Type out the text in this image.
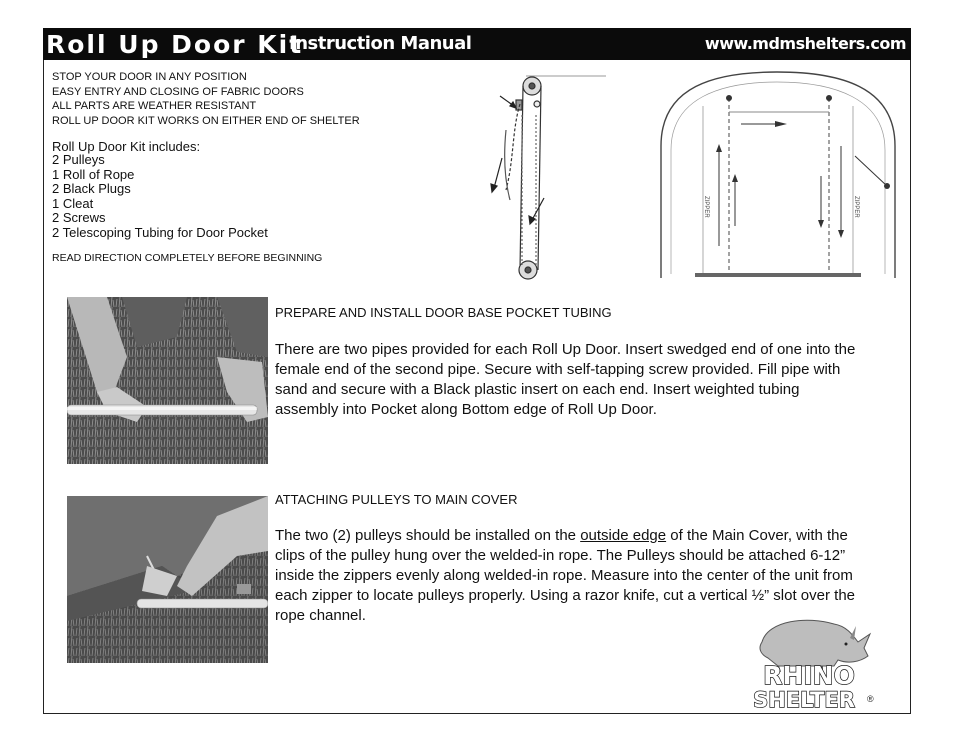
Roll Up Door Kit
Instruction Manual	www.mdmshelters.com
STOP YOUR DOOR IN ANY POSITION
EASY ENTRY AND CLOSING OF FABRIC DOORS
ALL PARTS ARE WEATHER RESISTANT
ROLL UP DOOR KIT WORKS ON EITHER END OF SHELTER
Roll Up Door Kit includes:
2 Pulleys
1 Roll of Rope
2 Black Plugs
1 Cleat
2 Screws
2 Telescoping Tubing for Door Pocket
READ DIRECTION COMPLETELY BEFORE BEGINNING
ZIPPER	ZIPPER
PREPARE AND INSTALL DOOR BASE POCKET TUBING

There are two pipes provided for each Roll Up Door. Insert swedged end of one into the female end of the second pipe. Secure with self-tapping screw provided. Fill pipe with sand and secure with a Black plastic insert on each end. Insert weighted tubing assembly into Pocket along Bottom edge of Roll Up Door.

ATTACHING PULLEYS TO MAIN COVER

The two (2) pulleys should be installed on the outside edge of the Main Cover, with the clips of the pulley hung over the welded-in rope. The Pulleys should be attached 6-12” inside the zippers evenly along welded-in rope. Measure into the center of the unit from each zipper to locate pulleys properly. Using a razor knife, cut a vertical ½” slot over the rope channel.

RHINO
SHELTER ®
